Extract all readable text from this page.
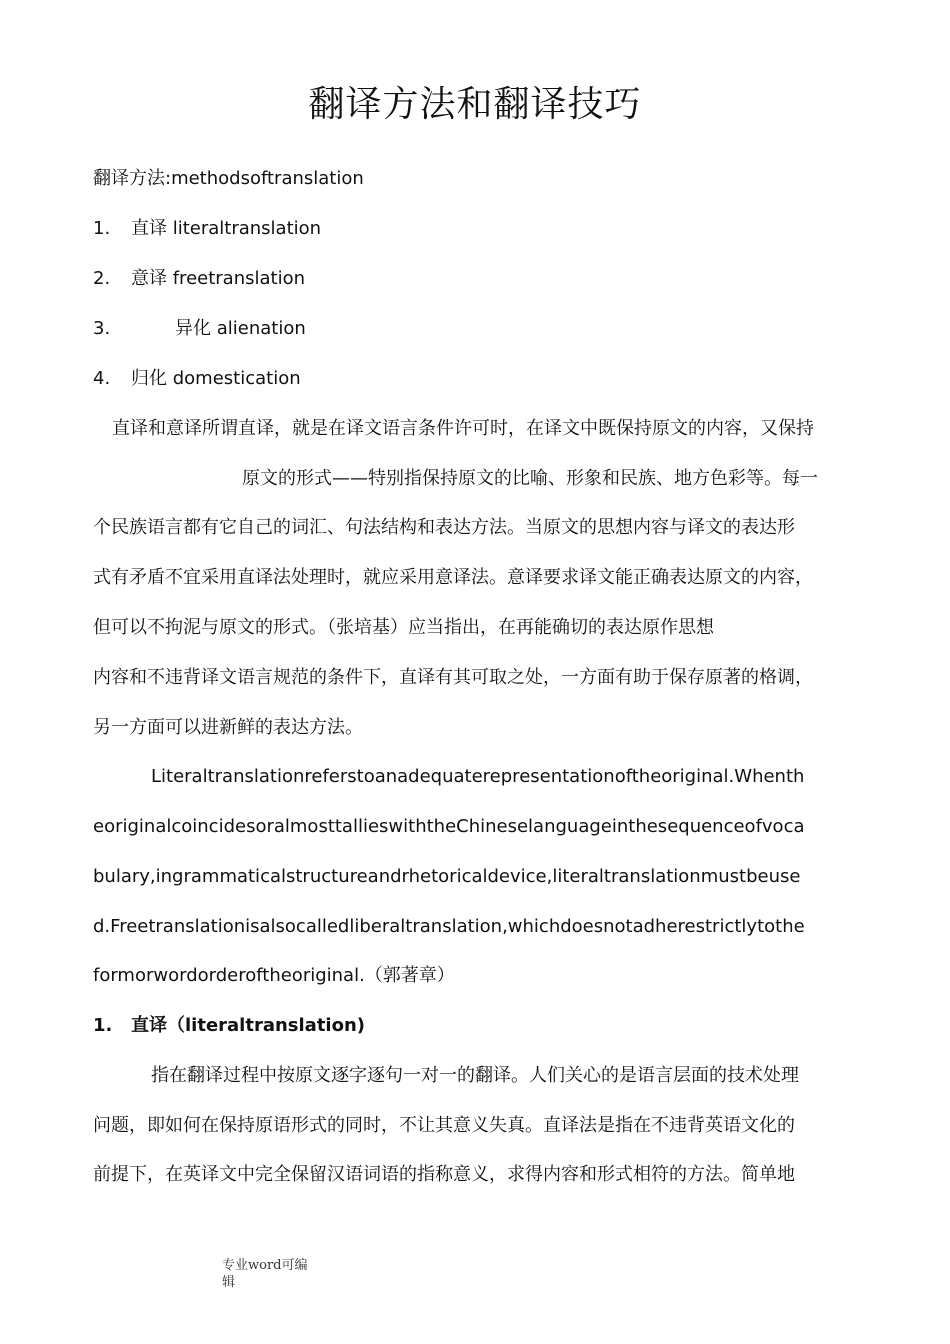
翻译方法和翻译技巧
翻译方法:methodsoftranslation
1. 直译 literaltranslation
2. 意译 freetranslation
3.	异化 alienation
4. 归化 domestication
直译和意译所谓直译，就是在译文语言条件许可时，在译文中既保持原文的内容，又保持
原文的形式——特别指保持原文的比喻、形象和民族、地方色彩等。每一
个民族语言都有它自己的词汇、句法结构和表达方法。当原文的思想内容与译文的表达形
式有矛盾不宜采用直译法处理时，就应采用意译法。意译要求译文能正确表达原文的内容，
但可以不拘泥与原文的形式。（张培基）应当指出，在再能确切的表达原作思想
内容和不违背译文语言规范的条件下，直译有其可取之处，一方面有助于保存原著的格调，
另一方面可以进新鲜的表达方法。
Literaltranslationreferstoanadequaterepresentationoftheoriginal.Whenth
eoriginalcoincidesoralmosttallieswiththeChineselanguageinthesequenceofvoca
bulary,ingrammaticalstructureandrhetoricaldevice,literaltranslationmustbeuse
d.Freetranslationisalsocalledliberaltranslation,whichdoesnotadherestrictlytothe
formorwordorderoftheoriginal.（郭著章）
1. 直译（literaltranslation)
指在翻译过程中按原文逐字逐句一对一的翻译。人们关心的是语言层面的技术处理
问题，即如何在保持原语形式的同时，不让其意义失真。直译法是指在不违背英语文化的
前提下，在英译文中完全保留汉语词语的指称意义，求得内容和形式相符的方法。简单地
专业word可编
辑
